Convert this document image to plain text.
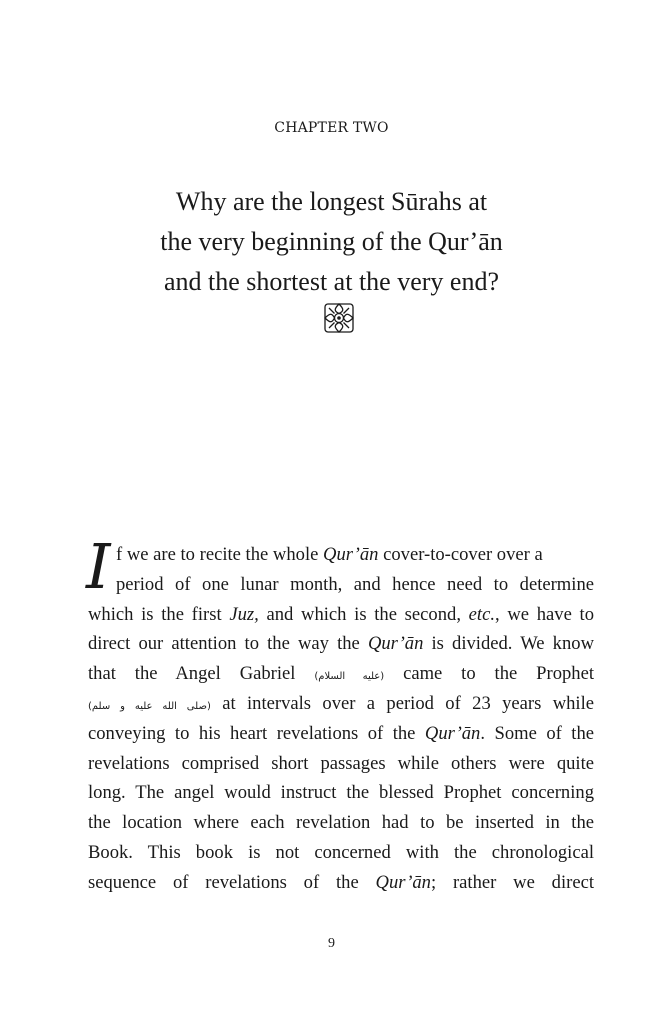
CHAPTER TWO
Why are the longest Sūrahs at
the very beginning of the Qur’ān
and the shortest at the very end?
I f we are to recite the whole Qur’ān cover-to-cover over a
period of one lunar month, and hence need to determine
which is the first Juz, and which is the second, etc., we have to
direct our attention to the way the Qur’ān is divided. We know
that the Angel Gabriel (عليه السلام) came to the Prophet
(صلى الله عليه و سلم) at intervals over a period of 23 years while
conveying to his heart revelations of the Qur’ān. Some of the
revelations comprised short passages while others were quite
long. The angel would instruct the blessed Prophet concerning
the location where each revelation had to be inserted in the
Book. This book is not concerned with the chronological
sequence of revelations of the Qur’ān; rather we direct
9
